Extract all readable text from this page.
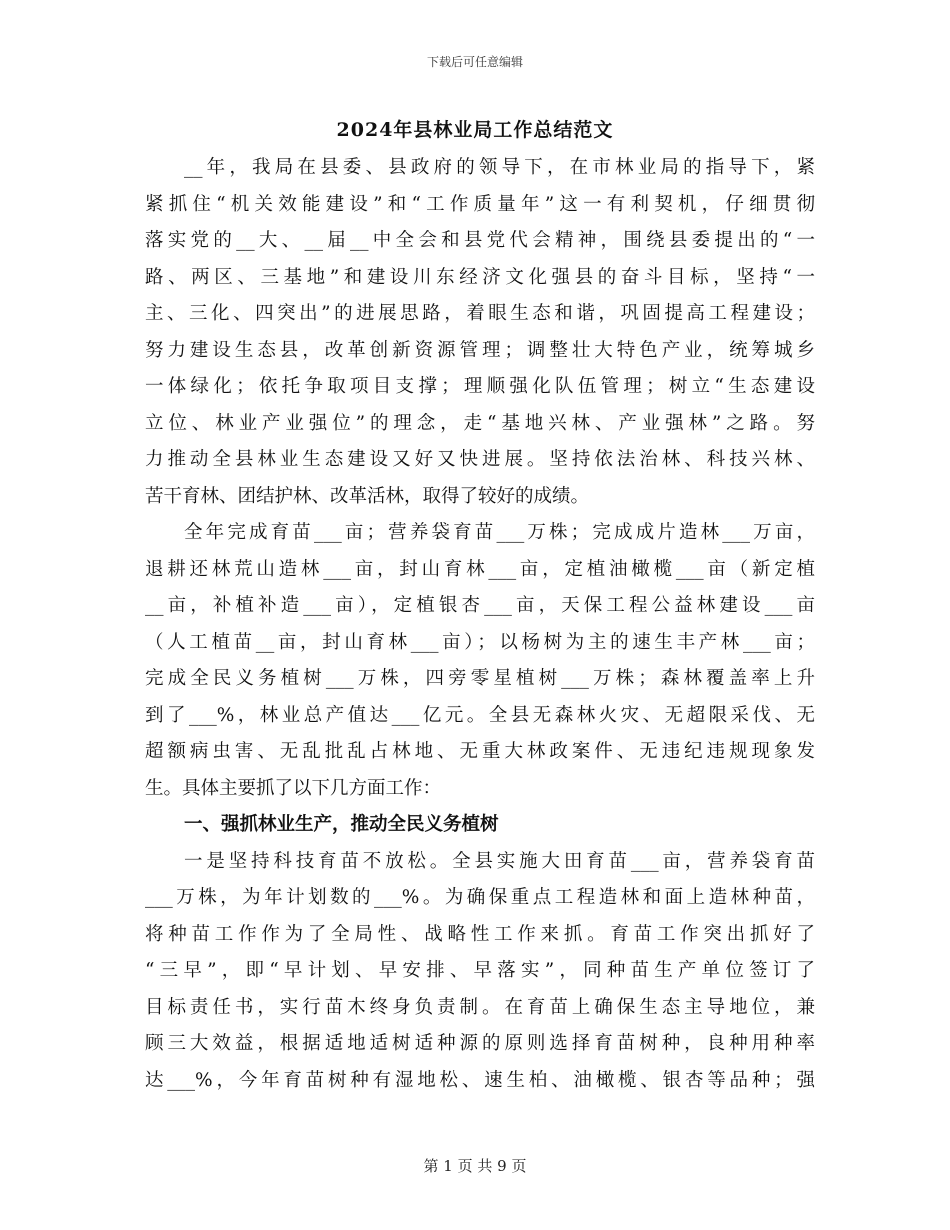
下载后可任意编辑
2024年县林业局工作总结范文
__年，我局在县委、县政府的领导下，在市林业局的指导下，紧
紧抓住“机关效能建设”和“工作质量年”这一有利契机，仔细贯彻
落实党的__大、__届__中全会和县党代会精神，围绕县委提出的“一
路、两区、三基地”和建设川东经济文化强县的奋斗目标，坚持“一
主、三化、四突出”的进展思路，着眼生态和谐，巩固提高工程建设；
努力建设生态县，改革创新资源管理；调整壮大特色产业，统筹城乡
一体绿化；依托争取项目支撑；理顺强化队伍管理；树立“生态建设
立位、林业产业强位”的理念，走“基地兴林、产业强林”之路。努
力推动全县林业生态建设又好又快进展。坚持依法治林、科技兴林、
苦干育林、团结护林、改革活林，取得了较好的成绩。
全年完成育苗___亩；营养袋育苗___万株；完成成片造林___万亩，
退耕还林荒山造林___亩，封山育林___亩，定植油橄榄___亩（新定植
__亩，补植补造___亩），定植银杏___亩，天保工程公益林建设___亩
（人工植苗__亩，封山育林___亩）；以杨树为主的速生丰产林___亩；
完成全民义务植树___万株，四旁零星植树___万株；森林覆盖率上升
到了___%，林业总产值达___亿元。全县无森林火灾、无超限采伐、无
超额病虫害、无乱批乱占林地、无重大林政案件、无违纪违规现象发
生。具体主要抓了以下几方面工作：
一、强抓林业生产，推动全民义务植树
一是坚持科技育苗不放松。全县实施大田育苗___亩，营养袋育苗
___万株，为年计划数的___%。为确保重点工程造林和面上造林种苗，
将种苗工作作为了全局性、战略性工作来抓。育苗工作突出抓好了
“三早”，即“早计划、早安排、早落实”，同种苗生产单位签订了
目标责任书，实行苗木终身负责制。在育苗上确保生态主导地位，兼
顾三大效益，根据适地适树适种源的原则选择育苗树种，良种用种率
达___%，今年育苗树种有湿地松、速生柏、油橄榄、银杏等品种；强
第 1 页 共 9 页
